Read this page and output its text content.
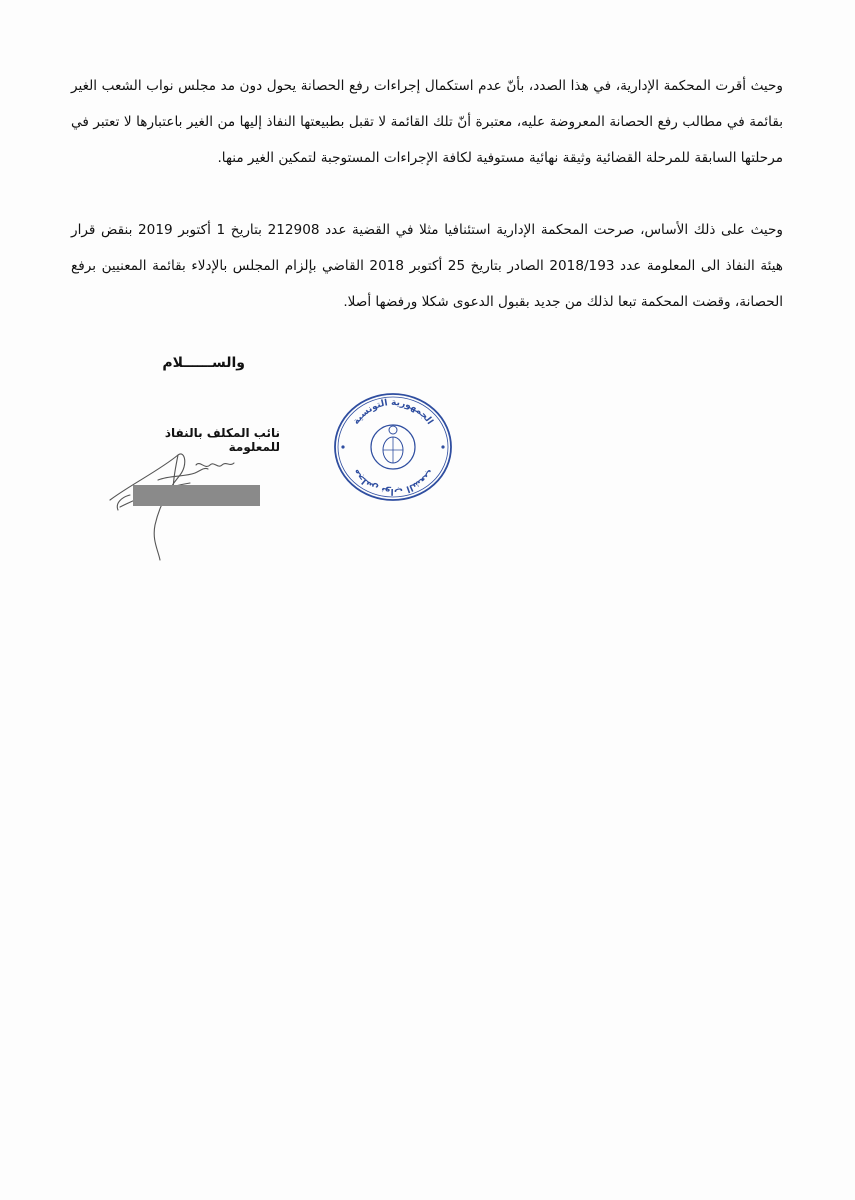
وحيث أقرت المحكمة الإدارية، في هذا الصدد، بأنّ عدم استكمال إجراءات رفع الحصانة يحول دون مد مجلس نواب الشعب الغير بقائمة في مطالب رفع الحصانة المعروضة عليه، معتبرة أنّ تلك القائمة لا تقبل بطبيعتها النفاذ إليها من الغير باعتبارها لا تعتبر في مرحلتها السابقة للمرحلة القضائية وثيقة نهائية مستوفية لكافة الإجراءات المستوجبة لتمكين الغير منها.

وحيث على ذلك الأساس، صرحت المحكمة الإدارية استئنافيا مثلا في القضية عدد 212908 بتاريخ 1 أكتوبر 2019 بنقض قرار هيئة النفاذ الى المعلومة عدد 2018/193 الصادر بتاريخ 25 أكتوبر 2018 القاضي بإلزام المجلس بالإدلاء بقائمة المعنيين برفع الحصانة، وقضت المحكمة تبعا لذلك من جديد بقبول الدعوى شكلا ورفضها أصلا.

والســــــلام
نائب المكلف بالنفاذ للمعلومة
الجمهورية التونسية
مجلس نواب الشعب
